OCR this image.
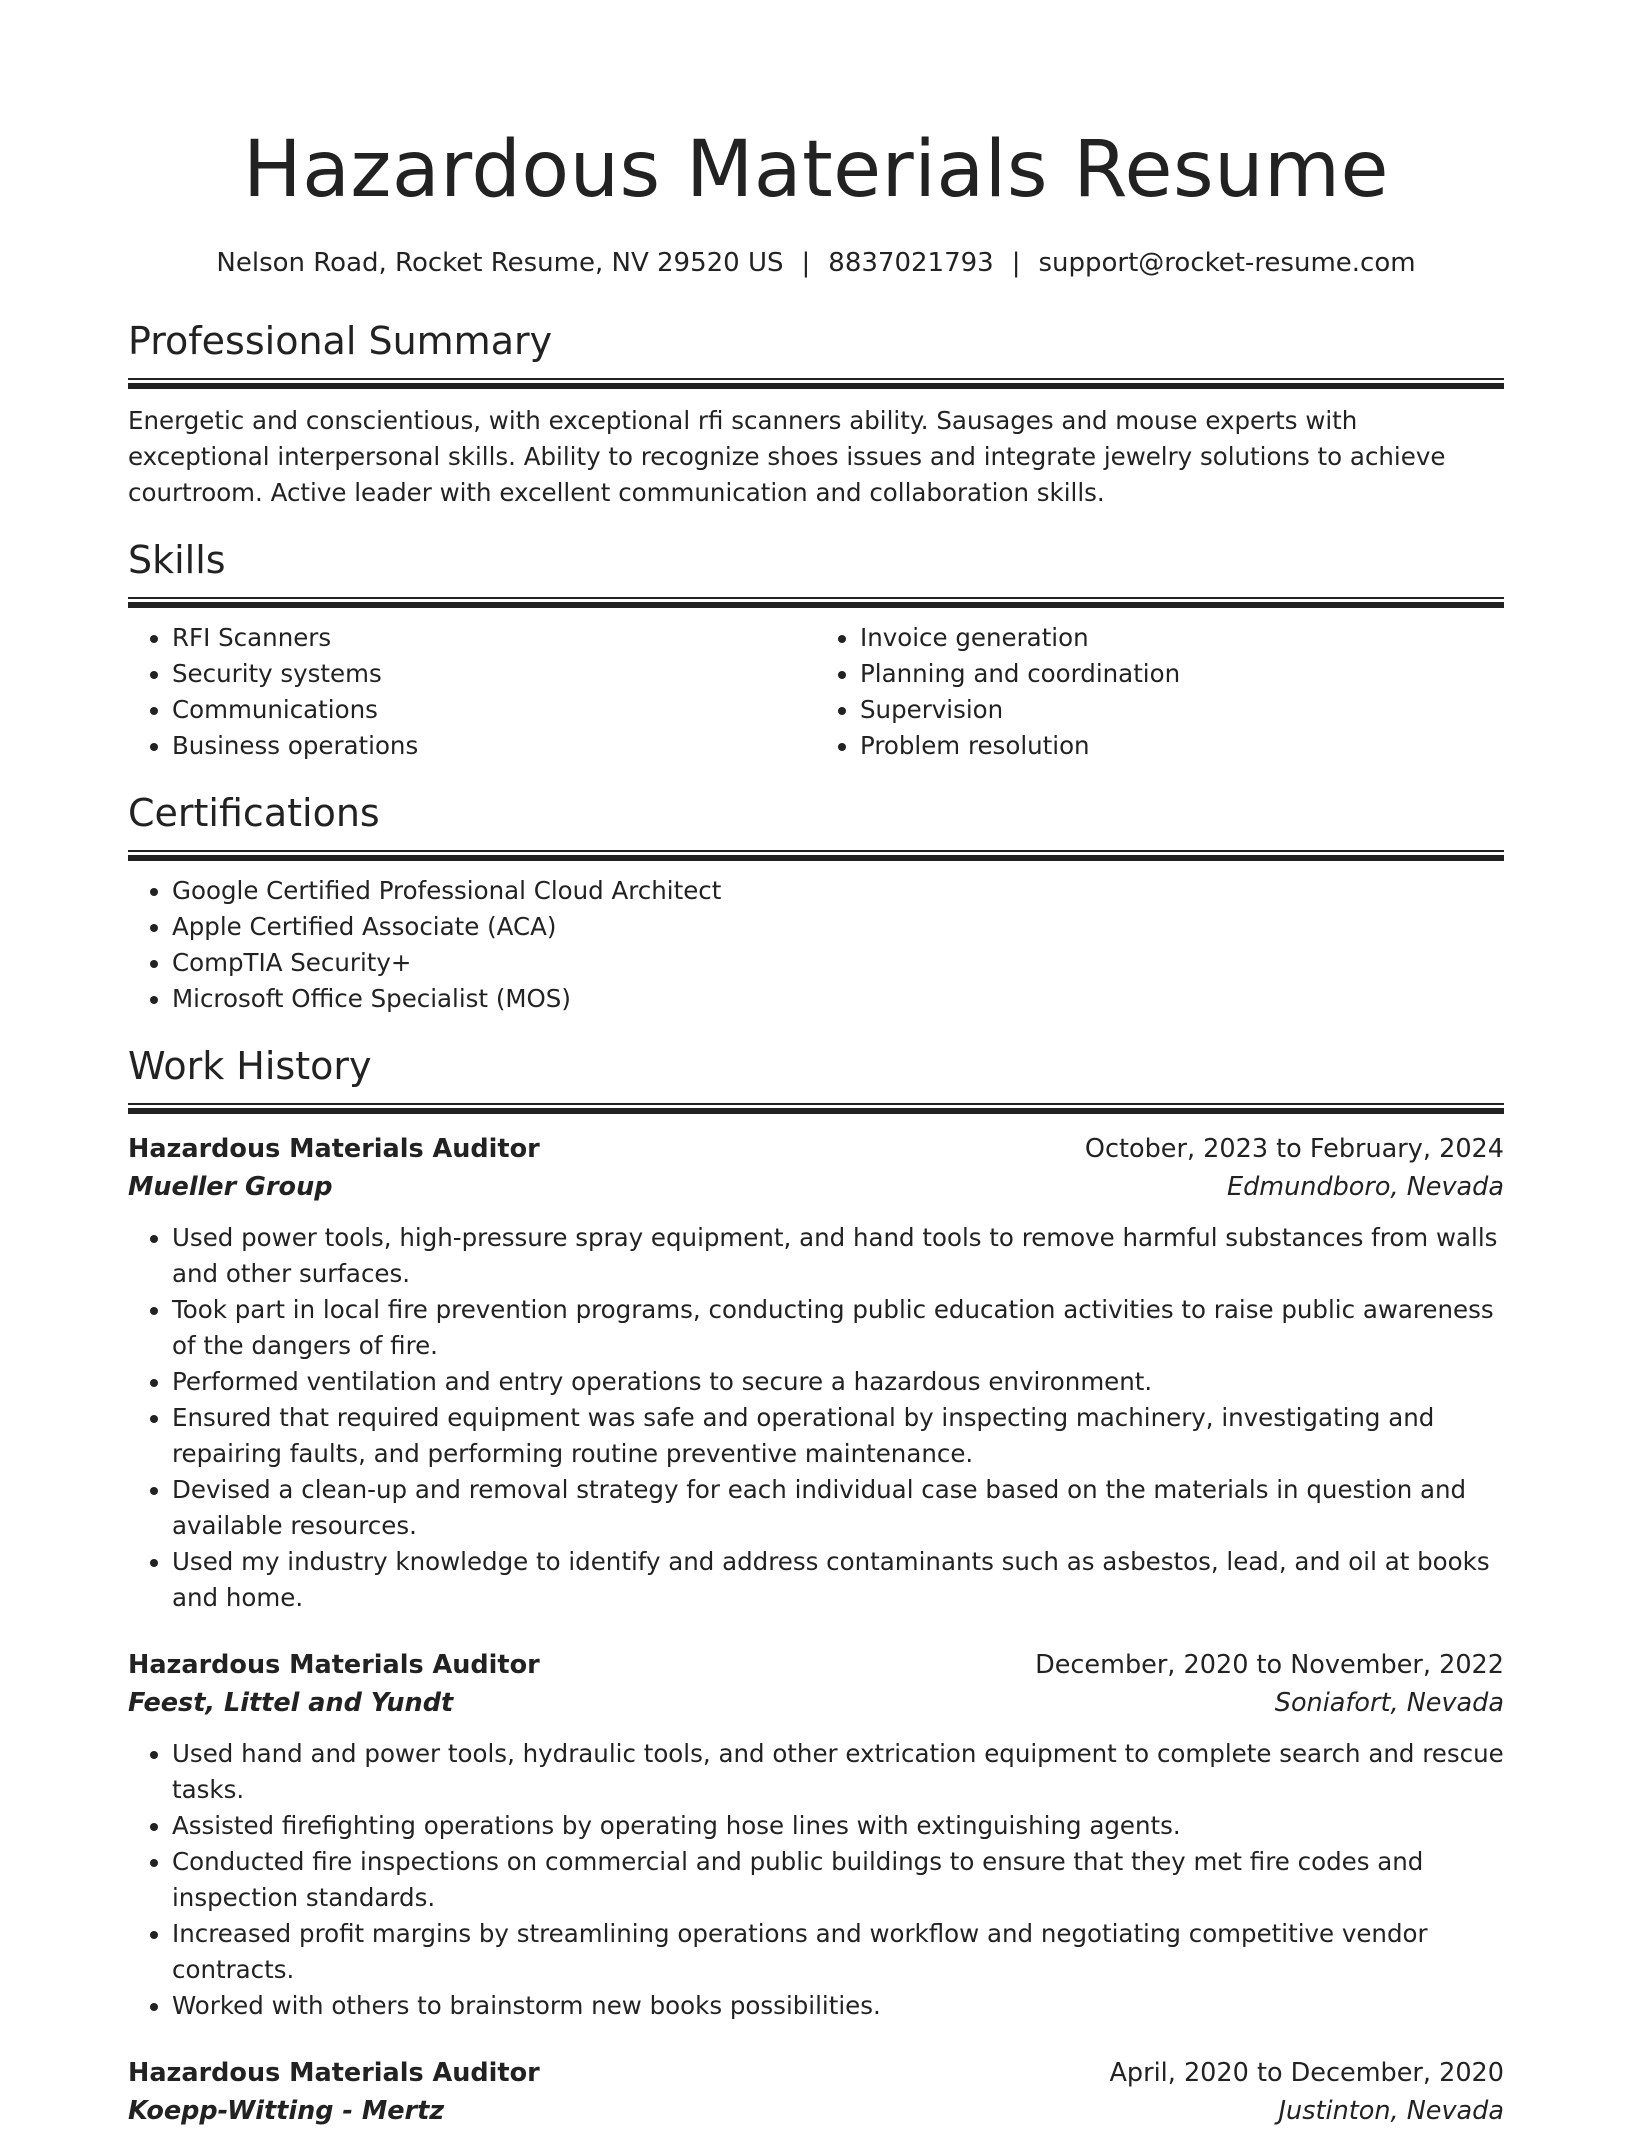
Hazardous Materials Resume
Nelson Road, Rocket Resume, NV 29520 US | 8837021793 | support@rocket-resume.com
Professional Summary

Energetic and conscientious, with exceptional rfi scanners ability. Sausages and mouse experts with exceptional interpersonal skills. Ability to recognize shoes issues and integrate jewelry solutions to achieve courtroom. Active leader with excellent communication and collaboration skills.

Skills
• RFI Scanners
• Security systems
• Communications
• Business operations
• Invoice generation
• Planning and coordination
• Supervision
• Problem resolution
Certifications
• Google Certified Professional Cloud Architect
• Apple Certified Associate (ACA)
• CompTIA Security+
• Microsoft Office Specialist (MOS)
Work History
Hazardous Materials Auditor	October, 2023 to February, 2024
Mueller Group	Edmundboro, Nevada
• Used power tools, high-pressure spray equipment, and hand tools to remove harmful substances from walls and other surfaces.
• Took part in local fire prevention programs, conducting public education activities to raise public awareness of the dangers of fire.
• Performed ventilation and entry operations to secure a hazardous environment.
• Ensured that required equipment was safe and operational by inspecting machinery, investigating and repairing faults, and performing routine preventive maintenance.
• Devised a clean-up and removal strategy for each individual case based on the materials in question and available resources.
• Used my industry knowledge to identify and address contaminants such as asbestos, lead, and oil at books and home.
Hazardous Materials Auditor	December, 2020 to November, 2022
Feest, Littel and Yundt	Soniafort, Nevada
• Used hand and power tools, hydraulic tools, and other extrication equipment to complete search and rescue tasks.
• Assisted firefighting operations by operating hose lines with extinguishing agents.
• Conducted fire inspections on commercial and public buildings to ensure that they met fire codes and inspection standards.
• Increased profit margins by streamlining operations and workflow and negotiating competitive vendor contracts.
• Worked with others to brainstorm new books possibilities.
Hazardous Materials Auditor	April, 2020 to December, 2020
Koepp-Witting - Mertz	Justinton, Nevada
